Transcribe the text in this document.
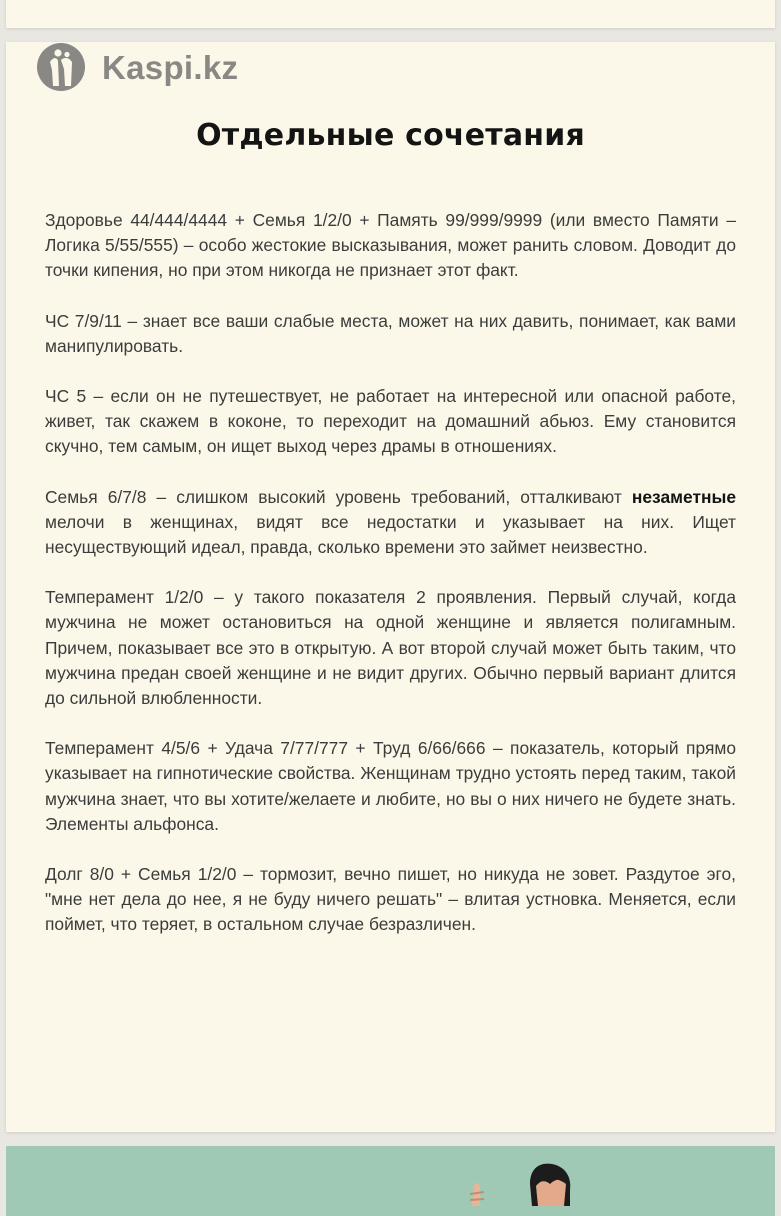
Kaspi.kz
Отдельные сочетания

Здоровье 44/444/4444 + Семья 1/2/0 + Память 99/999/9999 (или вместо Памяти – Логика 5/55/555) – особо жестокие высказывания, может ранить словом. Доводит до точки кипения, но при этом никогда не признает этот факт.

ЧС 7/9/11 – знает все ваши слабые места, может на них давить, понимает, как вами манипулировать.

ЧС 5 – если он не путешествует, не работает на интересной или опасной работе, живет, так скажем в коконе, то переходит на домашний абьюз. Ему становится скучно, тем самым, он ищет выход через драмы в отношениях.

Семья 6/7/8 – слишком высокий уровень требований, отталкивают незаметные мелочи в женщинах, видят все недостатки и указывает на них. Ищет несуществующий идеал, правда, сколько времени это займет неизвестно.

Темперамент 1/2/0 – у такого показателя 2 проявления. Первый случай, когда мужчина не может остановиться на одной женщине и является полигамным. Причем, показывает все это в открытую. А вот второй случай может быть таким, что мужчина предан своей женщине и не видит других. Обычно первый вариант длится до сильной влюбленности.

Темперамент 4/5/6 + Удача 7/77/777 + Труд 6/66/666 – показатель, который прямо указывает на гипнотические свойства. Женщинам трудно устоять перед таким, такой мужчина знает, что вы хотите/желаете и любите, но вы о них ничего не будете знать. Элементы альфонса.

Долг 8/0 + Семья 1/2/0 – тормозит, вечно пишет, но никуда не зовет. Раздутое эго, "мне нет дела до нее, я не буду ничего решать" – влитая устновка. Меняется, если поймет, что теряет, в остальном случае безразличен.
